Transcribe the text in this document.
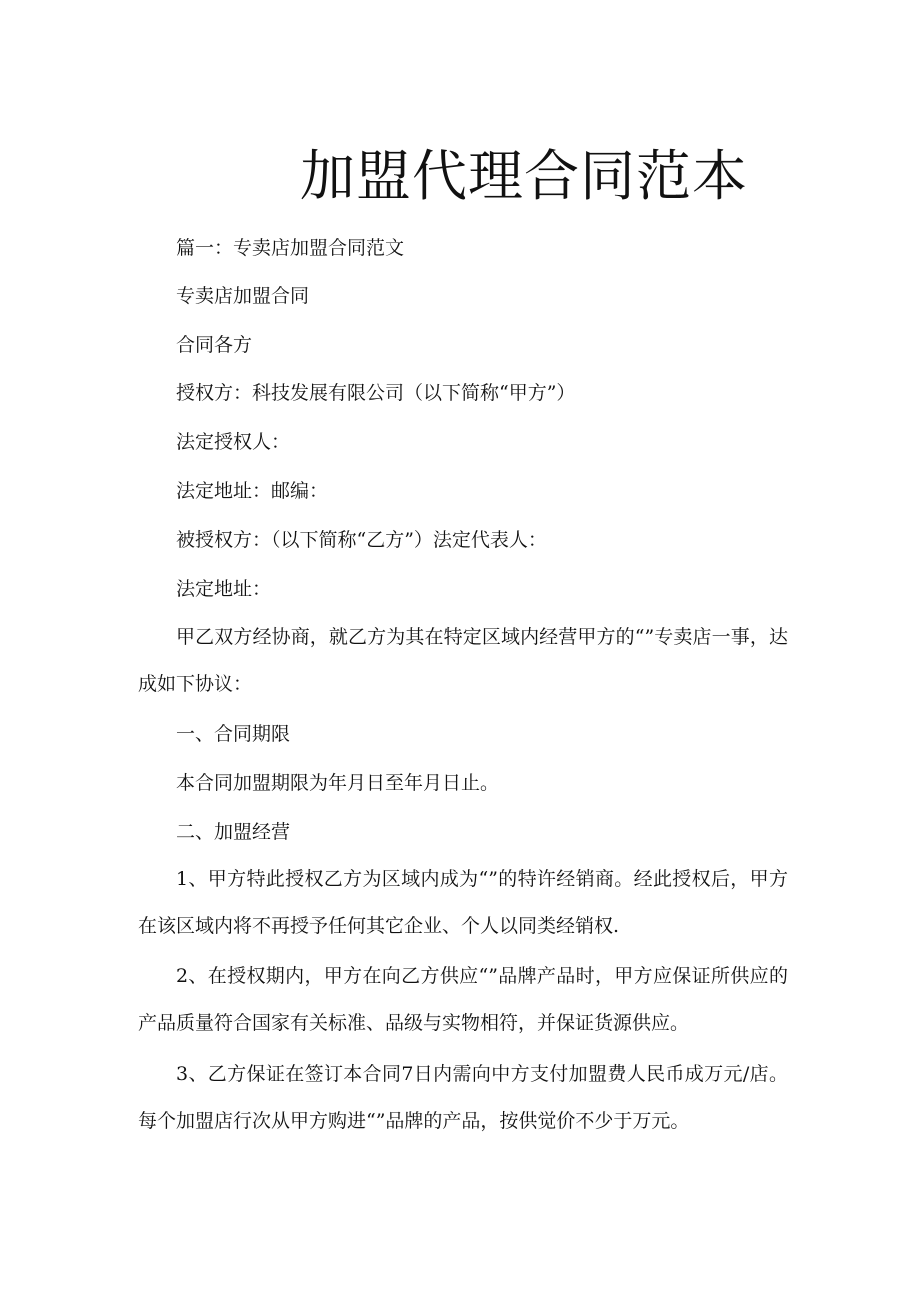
加盟代理合同范本
篇一：专卖店加盟合同范文
专卖店加盟合同
合同各方
授权方：科技发展有限公司（以下简称“甲方”）
法定授权人：
法定地址：邮编：
被授权方：（以下简称“乙方”）法定代表人：
法定地址：
甲乙双方经协商，就乙方为其在特定区域内经营甲方的“”专卖店一事，达成如下协议：
一、合同期限
本合同加盟期限为年月日至年月日止。
二、加盟经营
1、甲方特此授权乙方为区域内成为“”的特许经销商。经此授权后，甲方在该区域内将不再授予任何其它企业、个人以同类经销权.
2、在授权期内，甲方在向乙方供应“”品牌产品时，甲方应保证所供应的产品质量符合国家有关标准、品级与实物相符，并保证货源供应。
3、乙方保证在签订本合同7日内需向中方支付加盟费人民币成万元/店。每个加盟店行次从甲方购进“”品牌的产品，按供觉价不少于万元。
